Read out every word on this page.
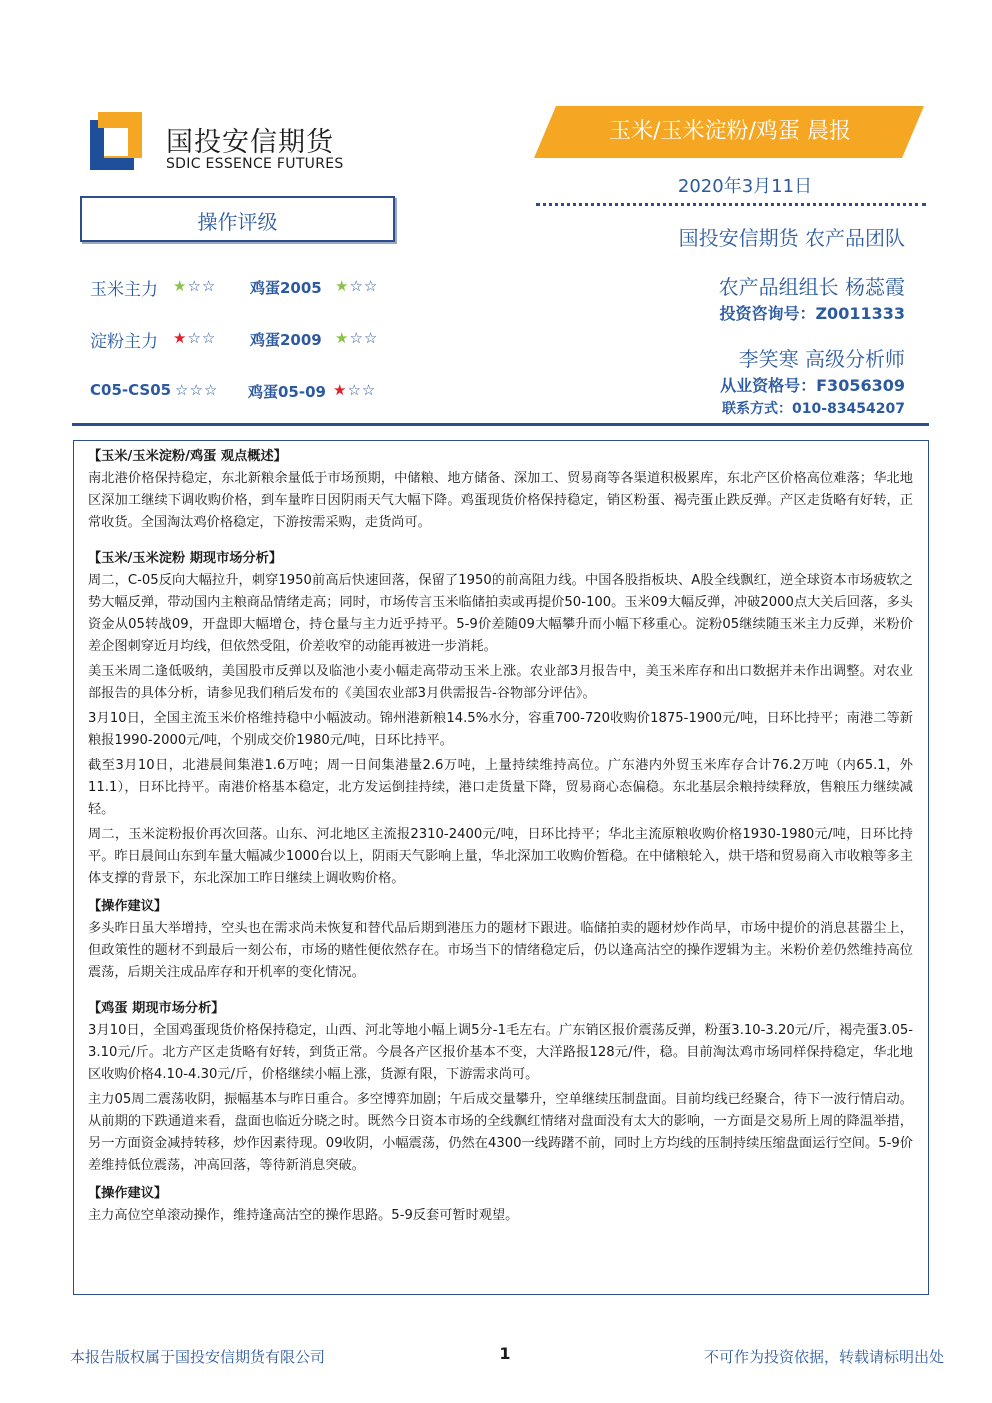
国投安信期货
SDIC ESSENCE FUTURES
玉米/玉米淀粉/鸡蛋 晨报
2020年3月11日
国投安信期货 农产品团队
农产品组组长 杨蕊霞
投资咨询号：Z0011333
李笑寒 高级分析师
从业资格号：F3056309
联系方式：010-83454207
操作评级
玉米主力 ★☆☆ 鸡蛋2005 ★☆☆
淀粉主力 ★☆☆ 鸡蛋2009 ★☆☆
C05-CS05 ☆☆☆ 鸡蛋05-09 ★☆☆

【玉米/玉米淀粉/鸡蛋 观点概述】

南北港价格保持稳定，东北新粮余量低于市场预期，中储粮、地方储备、深加工、贸易商等各渠道积极累库，东北产区价格高位难落；华北地区深加工继续下调收购价格，到车量昨日因阴雨天气大幅下降。鸡蛋现货价格保持稳定，销区粉蛋、褐壳蛋止跌反弹。产区走货略有好转，正常收货。全国淘汰鸡价格稳定，下游按需采购，走货尚可。

【玉米/玉米淀粉 期现市场分析】

周二，C-05反向大幅拉升，刺穿1950前高后快速回落，保留了1950的前高阻力线。中国各股指板块、A股全线飘红，逆全球资本市场疲软之势大幅反弹，带动国内主粮商品情绪走高；同时，市场传言玉米临储拍卖或再提价50-100。玉米09大幅反弹，冲破2000点大关后回落，多头资金从05转战09，开盘即大幅增仓，持仓量与主力近乎持平。5-9价差随09大幅攀升而小幅下移重心。淀粉05继续随玉米主力反弹，米粉价差企图刺穿近月均线，但依然受阻，价差收窄的动能再被进一步消耗。

美玉米周二逢低吸纳，美国股市反弹以及临池小麦小幅走高带动玉米上涨。农业部3月报告中，美玉米库存和出口数据并未作出调整。对农业部报告的具体分析，请参见我们稍后发布的《美国农业部3月供需报告-谷物部分评估》。

3月10日，全国主流玉米价格维持稳中小幅波动。锦州港新粮14.5%水分，容重700-720收购价1875-1900元/吨，日环比持平；南港二等新粮报1990-2000元/吨，个别成交价1980元/吨，日环比持平。

截至3月10日，北港晨间集港1.6万吨；周一日间集港量2.6万吨，上量持续维持高位。广东港内外贸玉米库存合计76.2万吨（内65.1，外11.1），日环比持平。南港价格基本稳定，北方发运倒挂持续，港口走货量下降，贸易商心态偏稳。东北基层余粮持续释放，售粮压力继续减轻。

周二，玉米淀粉报价再次回落。山东、河北地区主流报2310-2400元/吨，日环比持平；华北主流原粮收购价格1930-1980元/吨，日环比持平。昨日晨间山东到车量大幅减少1000台以上，阴雨天气影响上量，华北深加工收购价暂稳。在中储粮轮入，烘干塔和贸易商入市收粮等多主体支撑的背景下，东北深加工昨日继续上调收购价格。

【操作建议】

多头昨日虽大举增持，空头也在需求尚未恢复和替代品后期到港压力的题材下跟进。临储拍卖的题材炒作尚早，市场中提价的消息甚嚣尘上，但政策性的题材不到最后一刻公布，市场的赌性便依然存在。市场当下的情绪稳定后，仍以逢高沽空的操作逻辑为主。米粉价差仍然维持高位震荡，后期关注成品库存和开机率的变化情况。

【鸡蛋 期现市场分析】

3月10日，全国鸡蛋现货价格保持稳定，山西、河北等地小幅上调5分-1毛左右。广东销区报价震荡反弹，粉蛋3.10-3.20元/斤，褐壳蛋3.05-3.10元/斤。北方产区走货略有好转，到货正常。今晨各产区报价基本不变，大洋路报128元/件，稳。目前淘汰鸡市场同样保持稳定，华北地区收购价格4.10-4.30元/斤，价格继续小幅上涨，货源有限，下游需求尚可。

主力05周二震荡收阴，振幅基本与昨日重合。多空博弈加剧；午后成交量攀升，空单继续压制盘面。目前均线已经聚合，待下一波行情启动。从前期的下跌通道来看，盘面也临近分晓之时。既然今日资本市场的全线飘红情绪对盘面没有太大的影响，一方面是交易所上周的降温举措，另一方面资金减持转移，炒作因素待现。09收阴，小幅震荡，仍然在4300一线踌躇不前，同时上方均线的压制持续压缩盘面运行空间。5-9价差维持低位震荡，冲高回落，等待新消息突破。

【操作建议】

主力高位空单滚动操作，维持逢高沽空的操作思路。5-9反套可暂时观望。

本报告版权属于国投安信期货有限公司	1	不可作为投资依据，转载请标明出处
